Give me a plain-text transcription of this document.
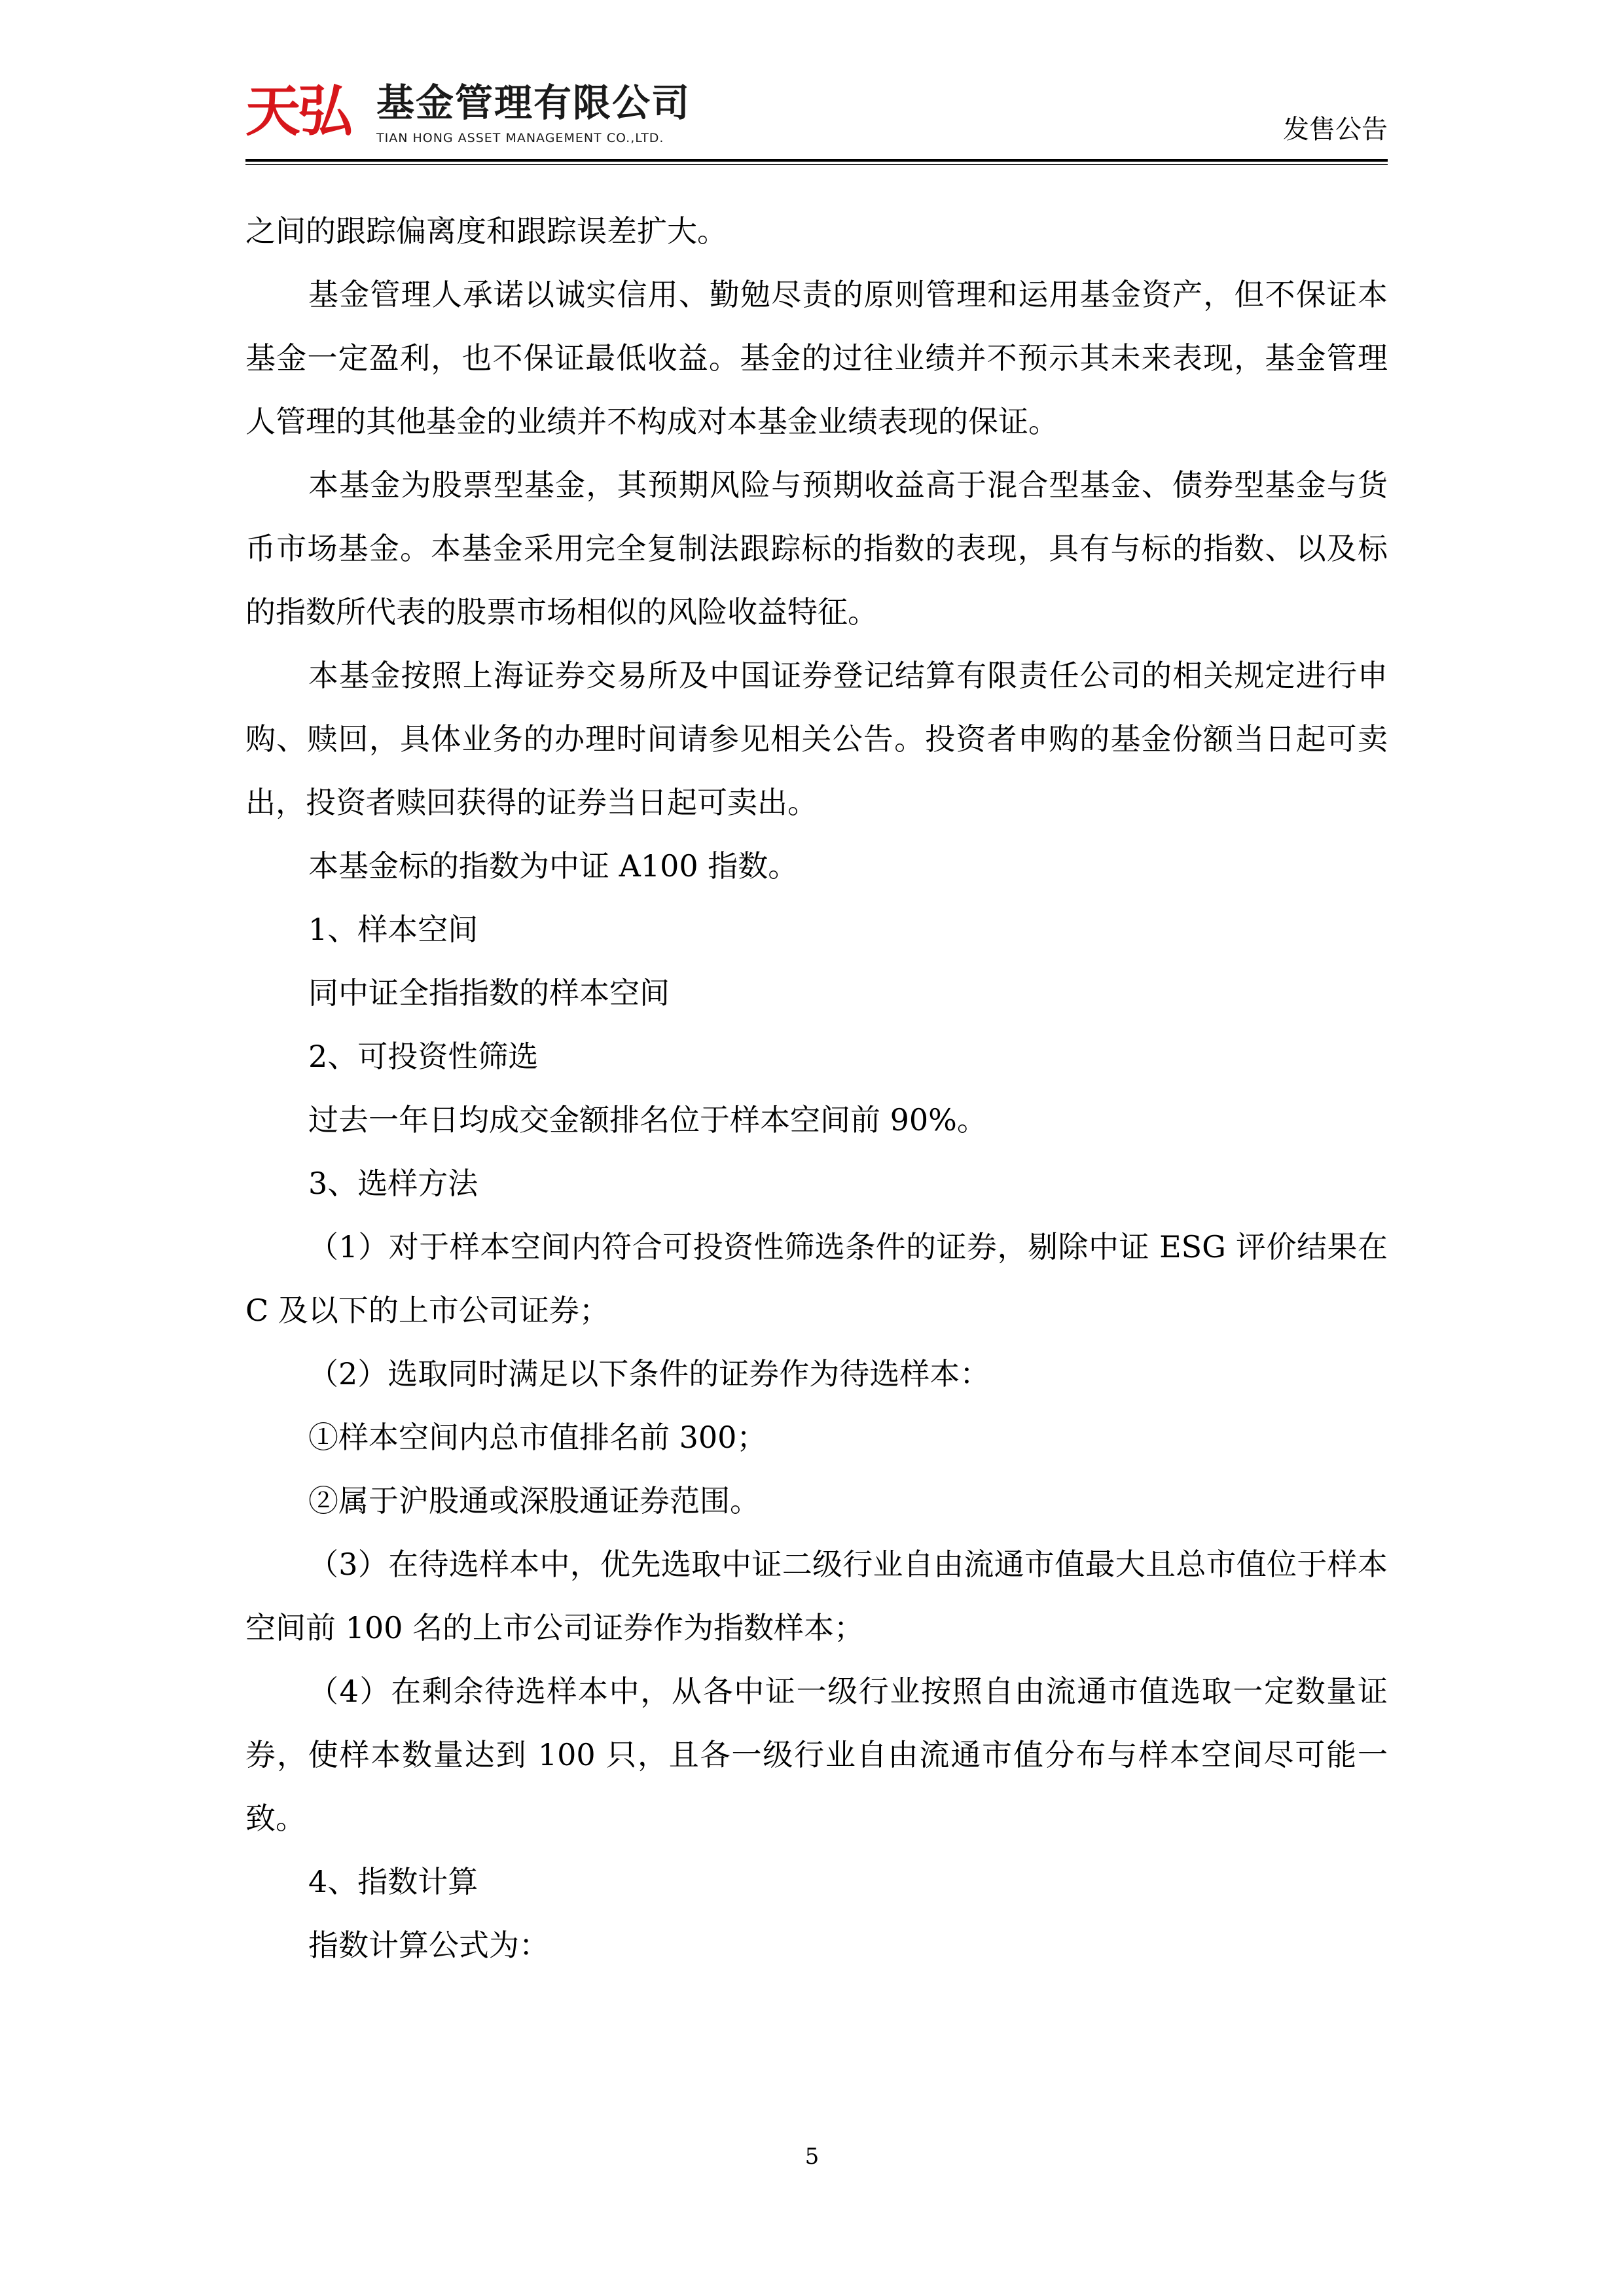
天弘 基金管理有限公司
TIAN HONG ASSET MANAGEMENT CO.,LTD.	发售公告

之间的跟踪偏离度和跟踪误差扩大。

基金管理人承诺以诚实信用、勤勉尽责的原则管理和运用基金资产，但不保证本基金一定盈利，也不保证最低收益。基金的过往业绩并不预示其未来表现，基金管理人管理的其他基金的业绩并不构成对本基金业绩表现的保证。

本基金为股票型基金，其预期风险与预期收益高于混合型基金、债券型基金与货币市场基金。本基金采用完全复制法跟踪标的指数的表现，具有与标的指数、以及标的指数所代表的股票市场相似的风险收益特征。

本基金按照上海证券交易所及中国证券登记结算有限责任公司的相关规定进行申购、赎回，具体业务的办理时间请参见相关公告。投资者申购的基金份额当日起可卖出，投资者赎回获得的证券当日起可卖出。

本基金标的指数为中证 A100 指数。

1、样本空间

同中证全指指数的样本空间

2、可投资性筛选

过去一年日均成交金额排名位于样本空间前 90%。

3、选样方法

（1）对于样本空间内符合可投资性筛选条件的证券，剔除中证 ESG 评价结果在 C 及以下的上市公司证券；

（2）选取同时满足以下条件的证券作为待选样本：

①样本空间内总市值排名前 300；

②属于沪股通或深股通证券范围。

（3）在待选样本中，优先选取中证二级行业自由流通市值最大且总市值位于样本空间前 100 名的上市公司证券作为指数样本；

（4）在剩余待选样本中，从各中证一级行业按照自由流通市值选取一定数量证券，使样本数量达到 100 只，且各一级行业自由流通市值分布与样本空间尽可能一致。

4、指数计算

指数计算公式为：

5
